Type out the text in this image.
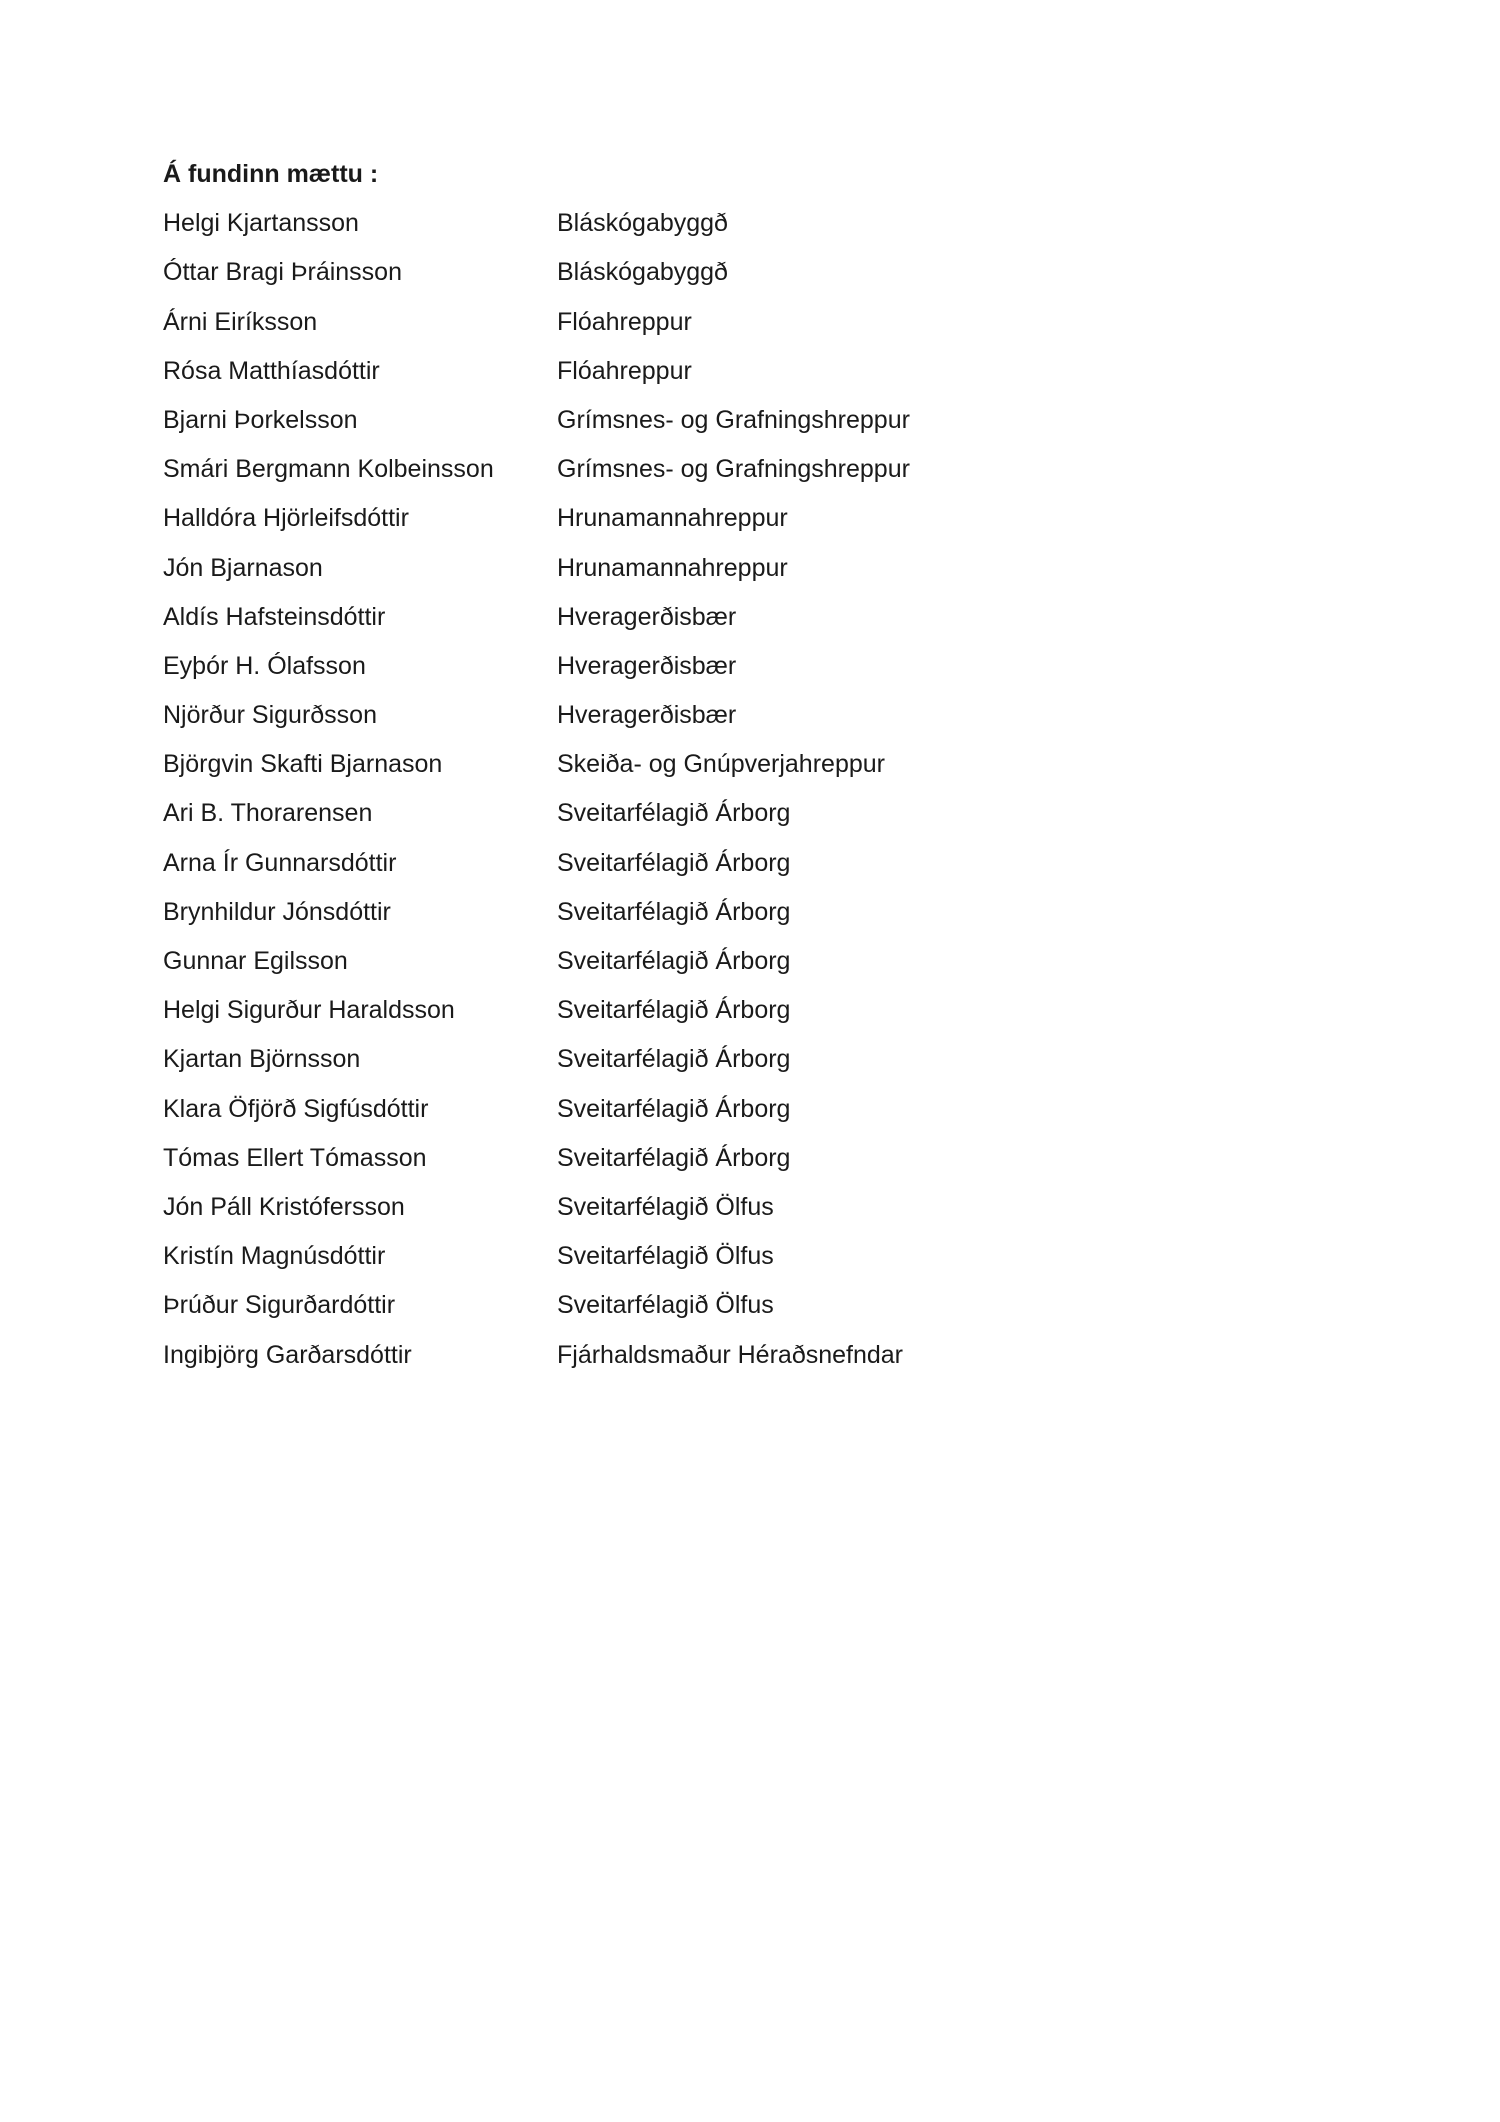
Á fundinn mættu :
Helgi Kjartansson	Bláskógabyggð
Óttar Bragi Þráinsson	Bláskógabyggð
Árni Eiríksson	Flóahreppur
Rósa Matthíasdóttir	Flóahreppur
Bjarni Þorkelsson	Grímsnes- og Grafningshreppur
Smári Bergmann Kolbeinsson	Grímsnes- og Grafningshreppur
Halldóra Hjörleifsdóttir	Hrunamannahreppur
Jón Bjarnason	Hrunamannahreppur
Aldís Hafsteinsdóttir	Hveragerðisbær
Eyþór H. Ólafsson	Hveragerðisbær
Njörður Sigurðsson	Hveragerðisbær
Björgvin Skafti Bjarnason	Skeiða- og Gnúpverjahreppur
Ari B. Thorarensen	Sveitarfélagið Árborg
Arna Ír Gunnarsdóttir	Sveitarfélagið Árborg
Brynhildur Jónsdóttir	Sveitarfélagið Árborg
Gunnar Egilsson	Sveitarfélagið Árborg
Helgi Sigurður Haraldsson	Sveitarfélagið Árborg
Kjartan Björnsson	Sveitarfélagið Árborg
Klara Öfjörð Sigfúsdóttir	Sveitarfélagið Árborg
Tómas Ellert Tómasson	Sveitarfélagið Árborg
Jón Páll Kristófersson	Sveitarfélagið Ölfus
Kristín Magnúsdóttir	Sveitarfélagið Ölfus
Þrúður Sigurðardóttir	Sveitarfélagið Ölfus
Ingibjörg Garðarsdóttir	Fjárhaldsmaður Héraðsnefndar
